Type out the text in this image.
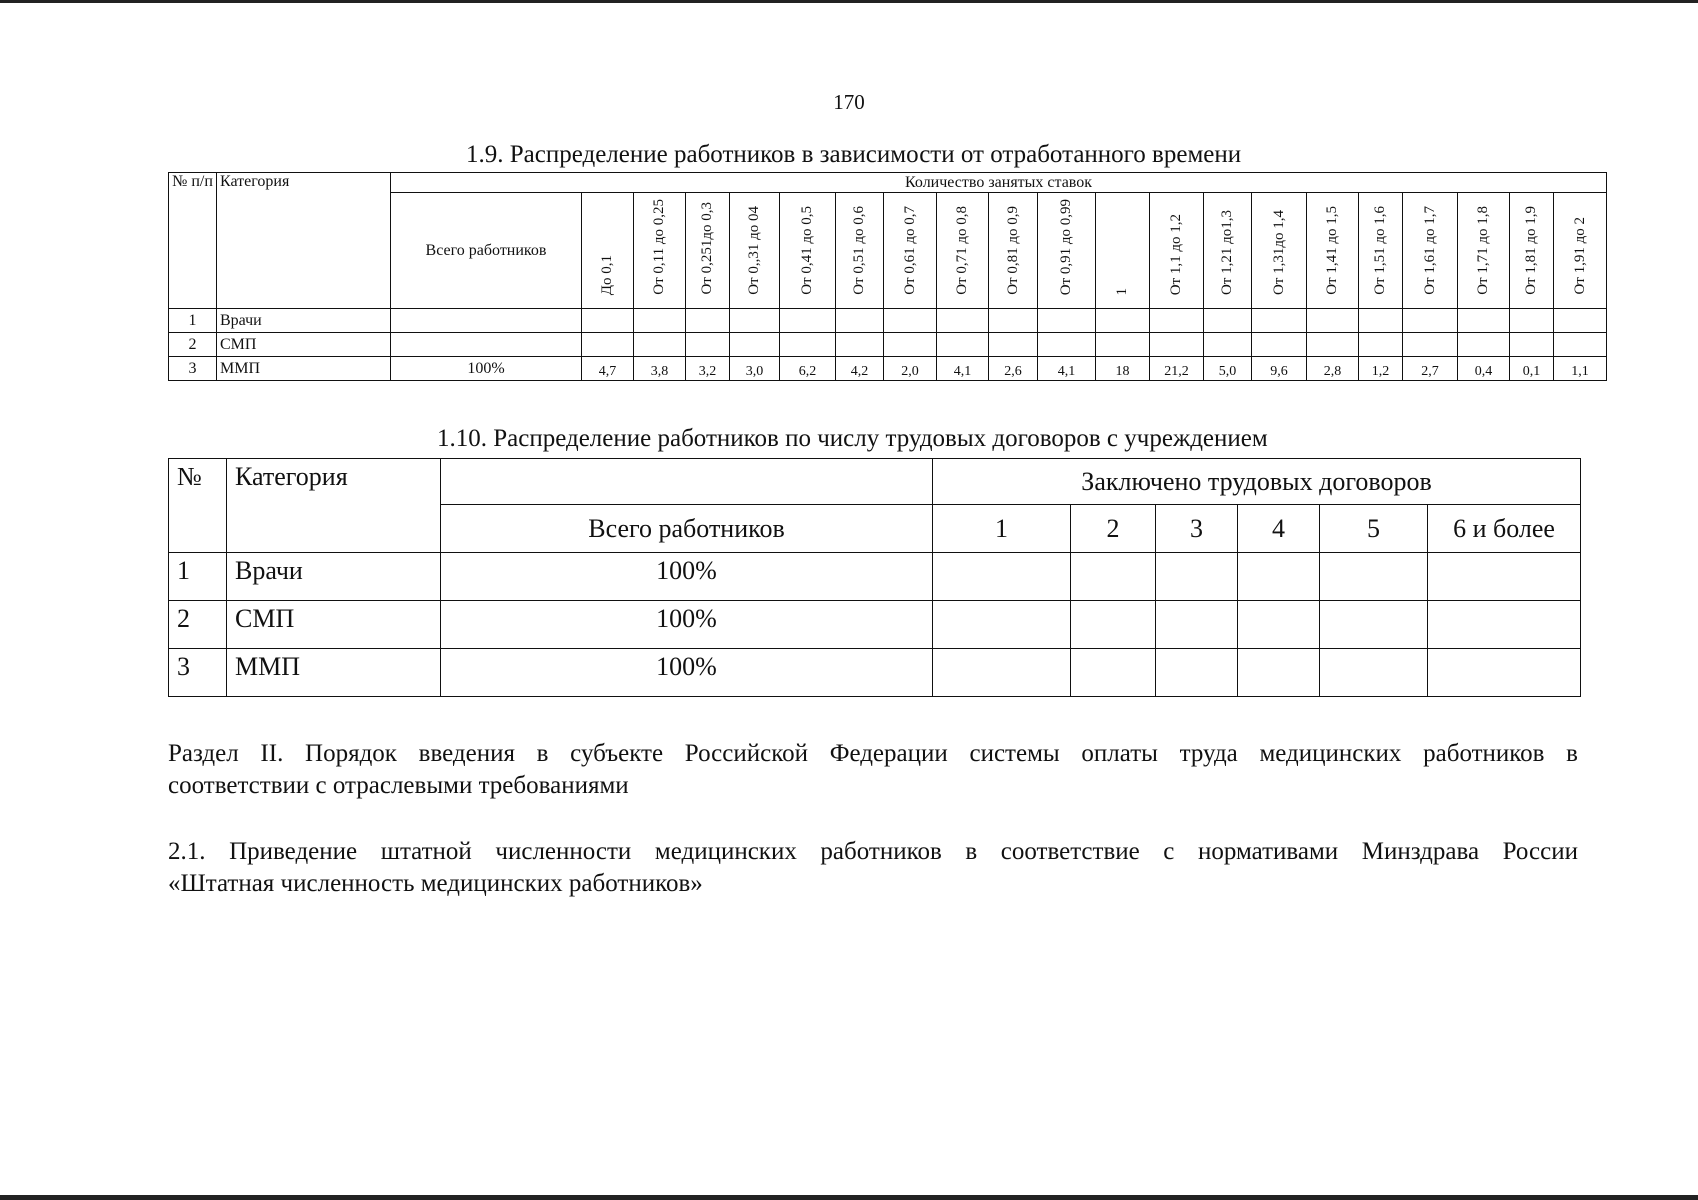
170
1.9. Распределение работников в зависимости от отработанного времени
№ п/п	Категория	Количество занятых ставок																				
		Всего работников	До 0,1	От 0,11 до 0,25	От 0,251до 0,3	От 0,,31 до 04	От 0,41 до 0,5	От 0,51 до 0,6	От 0,61 до 0,7	От 0,71 до 0,8	От 0,81 до 0,9	От 0,91 до 0,99	1	От 1,1 до 1,2	От 1,21 до1,3	От 1,31до 1,4	От 1,41 до 1,5	От 1,51 до 1,6	От 1,61 до 1,7	От 1,71 до 1,8	От 1,81 до 1,9	От 1,91 до 2
1	Врачи																					
2	СМП																					
3	ММП	100%	4,7	3,8	3,2	3,0	6,2	4,2	2,0	4,1	2,6	4,1	18	21,2	5,0	9,6	2,8	1,2	2,7	0,4	0,1	1,1
1.10. Распределение работников по числу трудовых договоров с учреждением
№	Категория		Заключено трудовых договоров					
		Всего работников	1	2	3	4	5	6 и более
1	Врачи	100%						
2	СМП	100%						
3	ММП	100%						
Раздел II. Порядок введения в субъекте Российской Федерации системы оплаты труда медицинских работников в
соответствии с отраслевыми требованиями
2.1. Приведение штатной численности медицинских работников в соответствие с нормативами Минздрава России
«Штатная численность медицинских работников»
